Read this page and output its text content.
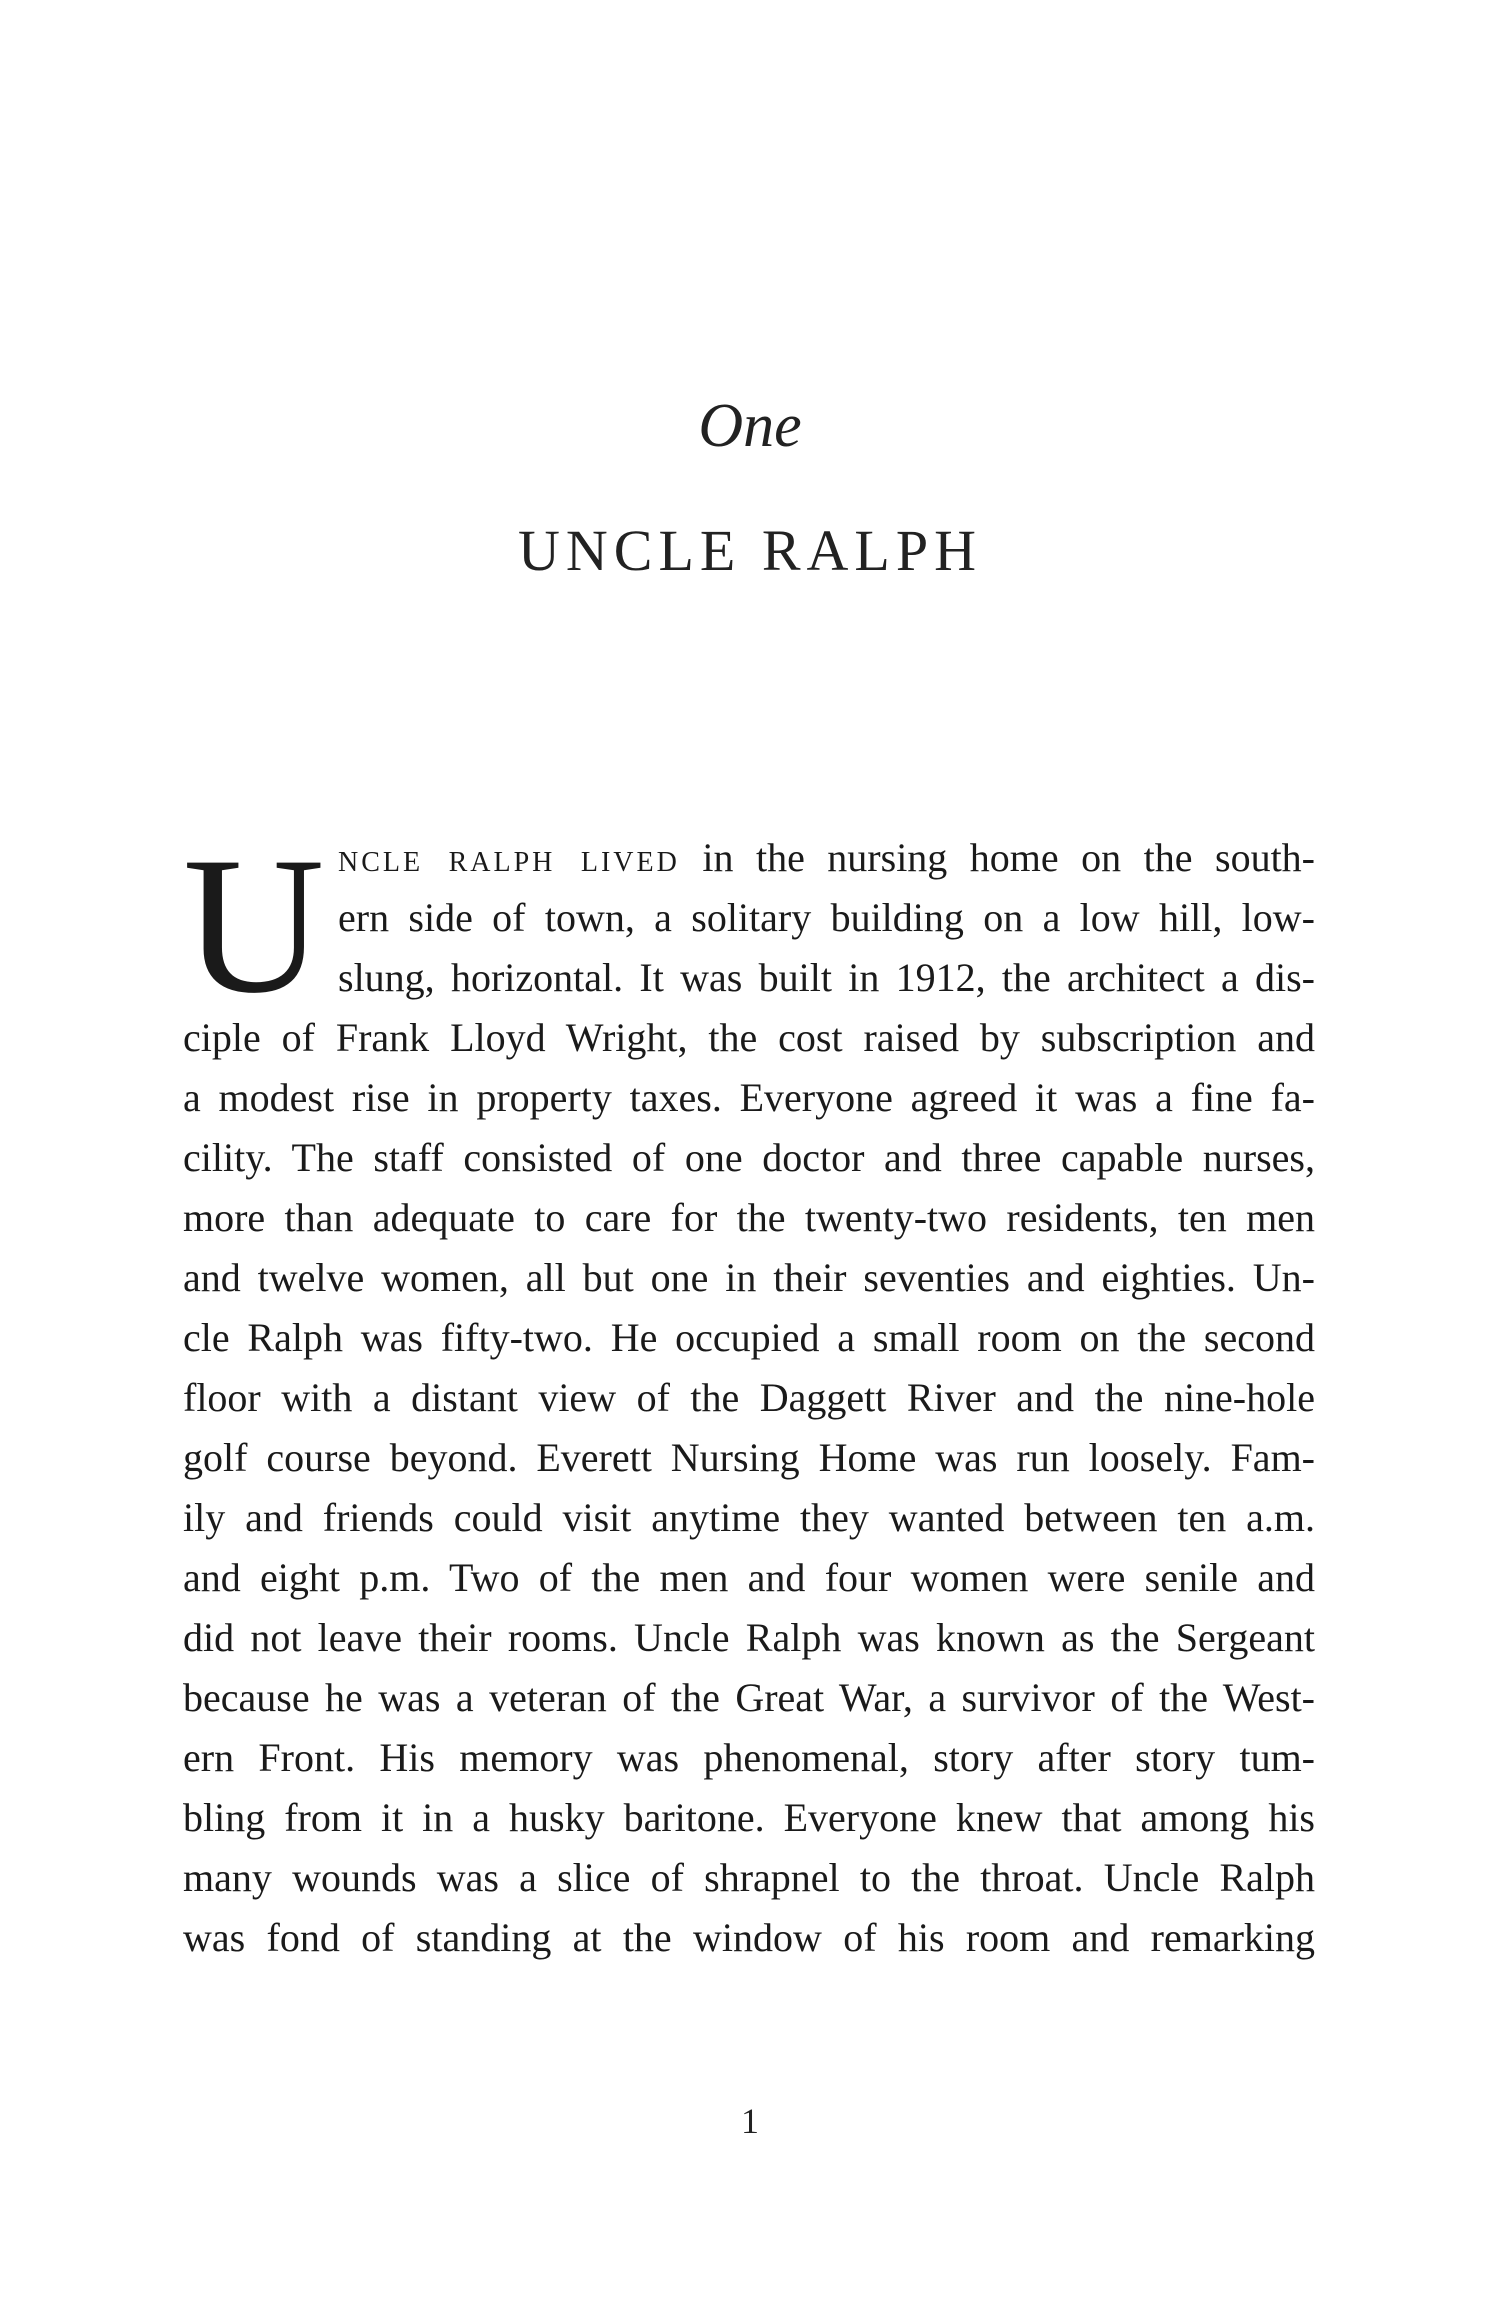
One
UNCLE RALPH
U ncle ralph lived in the nursing home on the south-
ern side of town, a solitary building on a low hill, low-
slung, horizontal. It was built in 1912, the architect a dis-
ciple of Frank Lloyd Wright, the cost raised by subscription and
a modest rise in property taxes. Everyone agreed it was a fine fa-
cility. The staff consisted of one doctor and three capable nurses,
more than adequate to care for the twenty-two residents, ten men
and twelve women, all but one in their seventies and eighties. Un-
cle Ralph was fifty-two. He occupied a small room on the second
floor with a distant view of the Daggett River and the nine-hole
golf course beyond. Everett Nursing Home was run loosely. Fam-
ily and friends could visit anytime they wanted between ten a.m.
and eight p.m. Two of the men and four women were senile and
did not leave their rooms. Uncle Ralph was known as the Sergeant
because he was a veteran of the Great War, a survivor of the West-
ern Front. His memory was phenomenal, story after story tum-
bling from it in a husky baritone. Everyone knew that among his
many wounds was a slice of shrapnel to the throat. Uncle Ralph
was fond of standing at the window of his room and remarking
1
